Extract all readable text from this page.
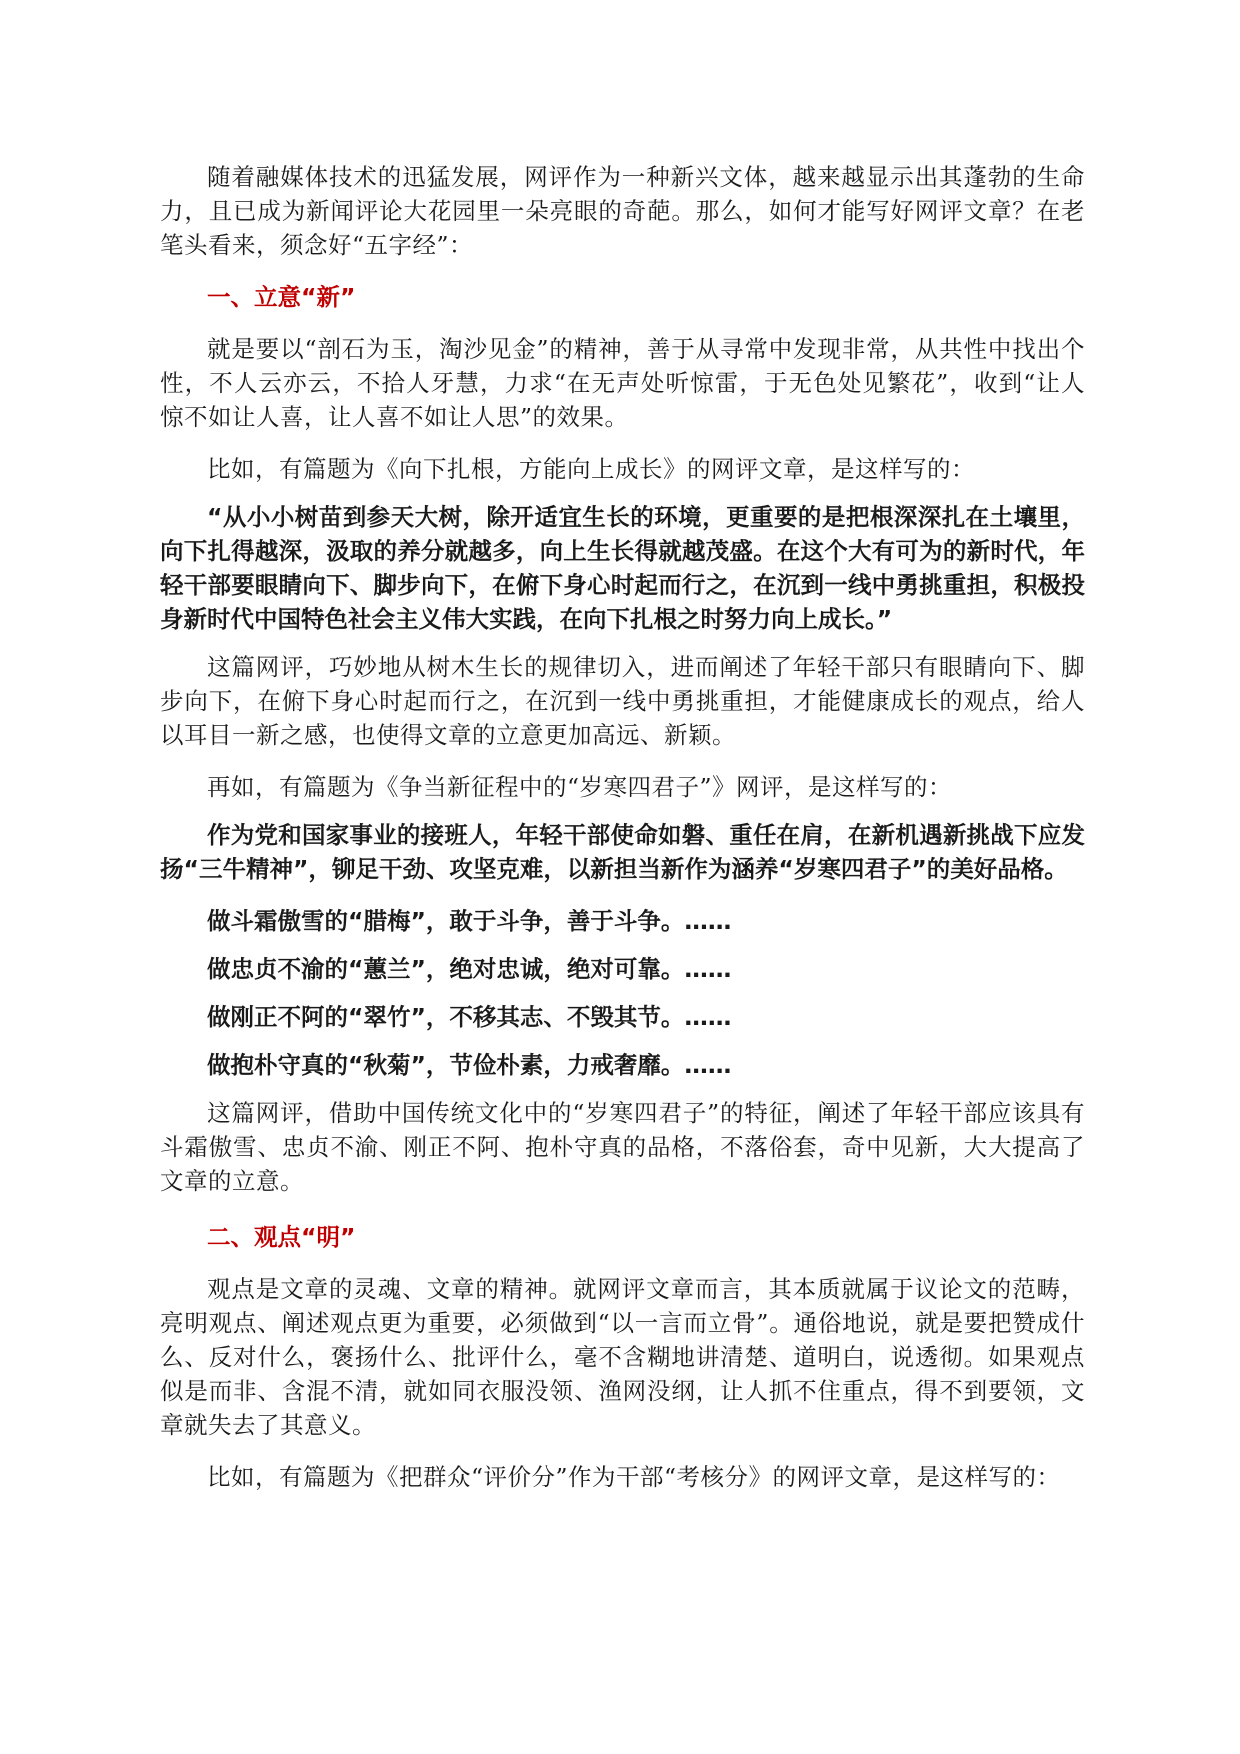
随着融媒体技术的迅猛发展，网评作为一种新兴文体，越来越显示出其蓬勃的生命力，且已成为新闻评论大花园里一朵亮眼的奇葩。那么，如何才能写好网评文章？在老笔头看来，须念好“五字经”：

一、立意“新”

就是要以“剖石为玉，淘沙见金”的精神，善于从寻常中发现非常，从共性中找出个性，不人云亦云，不拾人牙慧，力求“在无声处听惊雷，于无色处见繁花”，收到“让人惊不如让人喜，让人喜不如让人思”的效果。

比如，有篇题为《向下扎根，方能向上成长》的网评文章，是这样写的：

“从小小树苗到参天大树，除开适宜生长的环境，更重要的是把根深深扎在土壤里，向下扎得越深，汲取的养分就越多，向上生长得就越茂盛。在这个大有可为的新时代，年轻干部要眼睛向下、脚步向下，在俯下身心时起而行之，在沉到一线中勇挑重担，积极投身新时代中国特色社会主义伟大实践，在向下扎根之时努力向上成长。”

这篇网评，巧妙地从树木生长的规律切入，进而阐述了年轻干部只有眼睛向下、脚步向下，在俯下身心时起而行之，在沉到一线中勇挑重担，才能健康成长的观点，给人以耳目一新之感，也使得文章的立意更加高远、新颖。

再如，有篇题为《争当新征程中的“岁寒四君子”》网评，是这样写的：

作为党和国家事业的接班人，年轻干部使命如磐、重任在肩，在新机遇新挑战下应发扬“三牛精神”，铆足干劲、攻坚克难，以新担当新作为涵养“岁寒四君子”的美好品格。

做斗霜傲雪的“腊梅”，敢于斗争，善于斗争。……

做忠贞不渝的“蕙兰”，绝对忠诚，绝对可靠。……

做刚正不阿的“翠竹”，不移其志、不毁其节。……

做抱朴守真的“秋菊”，节俭朴素，力戒奢靡。……

这篇网评，借助中国传统文化中的“岁寒四君子”的特征，阐述了年轻干部应该具有斗霜傲雪、忠贞不渝、刚正不阿、抱朴守真的品格，不落俗套，奇中见新，大大提高了文章的立意。

二、观点“明”

观点是文章的灵魂、文章的精神。就网评文章而言，其本质就属于议论文的范畴，亮明观点、阐述观点更为重要，必须做到“以一言而立骨”。通俗地说，就是要把赞成什么、反对什么，褒扬什么、批评什么，毫不含糊地讲清楚、道明白，说透彻。如果观点似是而非、含混不清，就如同衣服没领、渔网没纲，让人抓不住重点，得不到要领，文章就失去了其意义。

比如，有篇题为《把群众“评价分”作为干部“考核分》的网评文章，是这样写的：
